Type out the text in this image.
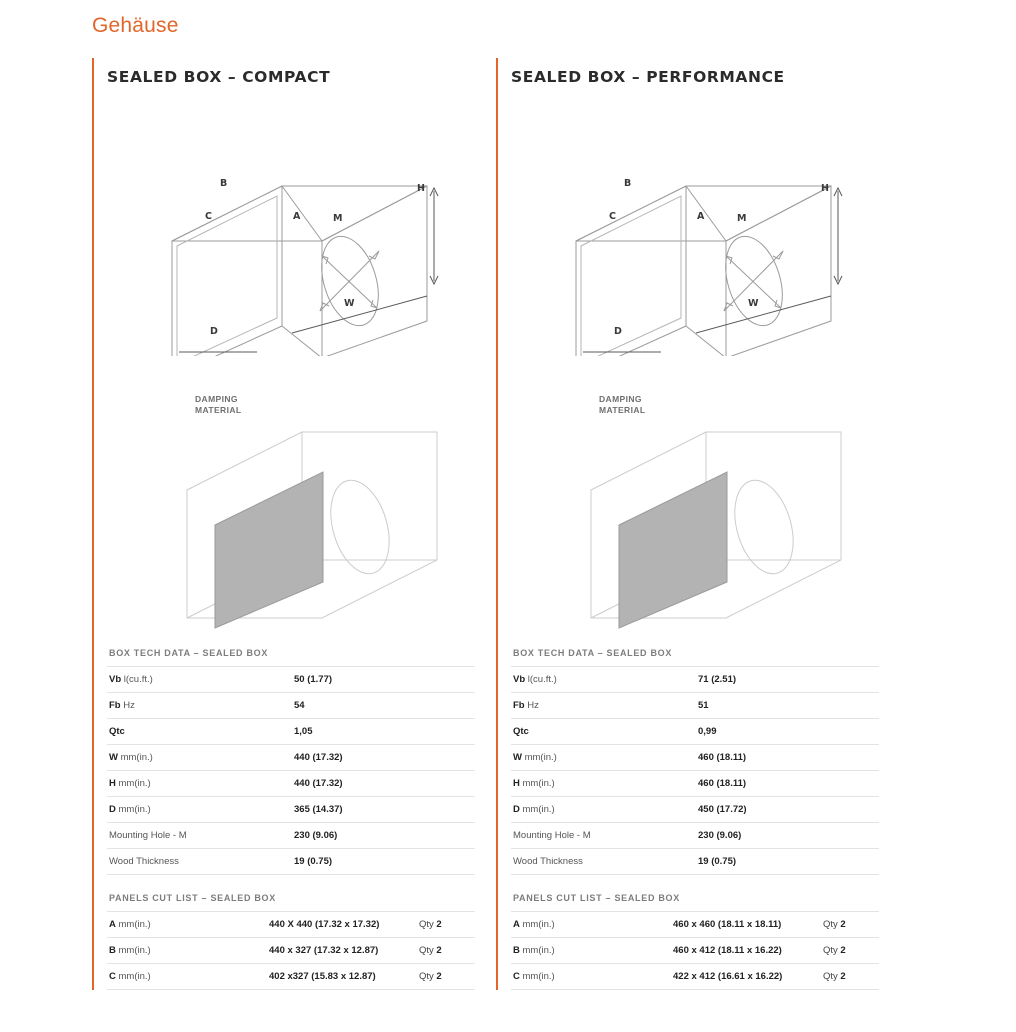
Gehäuse
SEALED BOX – COMPACT
B
C	A	M
H
W
D
DAMPING
MATERIAL
BOX TECH DATA – SEALED BOX
Vb l(cu.ft.)	50 (1.77)
Fb Hz	54
Qtc	1,05
W mm(in.)	440 (17.32)
H mm(in.)	440 (17.32)
D mm(in.)	365 (14.37)
Mounting Hole - M	230 (9.06)
Wood Thickness	19 (0.75)
PANELS CUT LIST – SEALED BOX
A mm(in.)	440 X 440 (17.32 x 17.32)	Qty 2
B mm(in.)	440 x 327 (17.32 x 12.87)	Qty 2
C mm(in.)	402 x327 (15.83 x 12.87)	Qty 2
SEALED BOX – PERFORMANCE
B
C	A	M
H
W
D
DAMPING
MATERIAL
BOX TECH DATA – SEALED BOX
Vb l(cu.ft.)	71 (2.51)
Fb Hz	51
Qtc	0,99
W mm(in.)	460 (18.11)
H mm(in.)	460 (18.11)
D mm(in.)	450 (17.72)
Mounting Hole - M	230 (9.06)
Wood Thickness	19 (0.75)
PANELS CUT LIST – SEALED BOX
A mm(in.)	460 x 460 (18.11 x 18.11)	Qty 2
B mm(in.)	460 x 412 (18.11 x 16.22)	Qty 2
C mm(in.)	422 x 412 (16.61 x 16.22)	Qty 2
